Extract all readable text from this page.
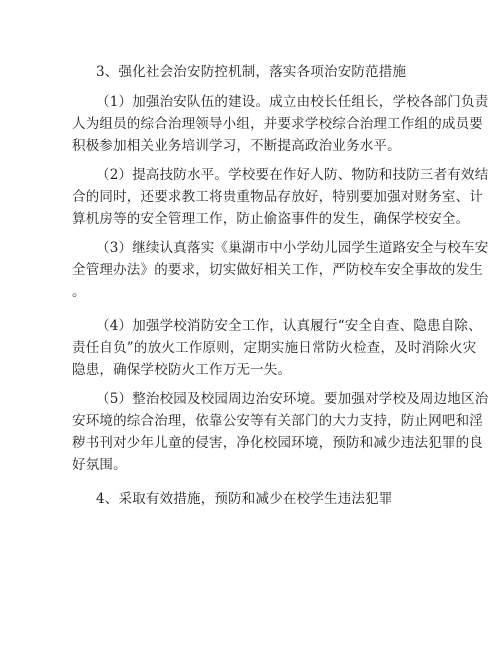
3、强化社会治安防控机制，落实各项治安防范措施
（1）加强治安队伍的建设。成立由校长任组长，学校各部门负责
人为组员的综合治理领导小组，并要求学校综合治理工作组的成员要
积极参加相关业务培训学习，不断提高政治业务水平。
（2）提高技防水平。学校要在作好人防、物防和技防三者有效结
合的同时，还要求教工将贵重物品存放好，特别要加强对财务室、计
算机房等的安全管理工作，防止偷盗事件的发生，确保学校安全。
（3）继续认真落实《巢湖市中小学幼儿园学生道路安全与校车安
全管理办法》的要求，切实做好相关工作，严防校车安全事故的发生
。
（4）加强学校消防安全工作，认真履行“安全自查、隐患自除、
责任自负”的放火工作原则，定期实施日常防火检查，及时消除火灾
隐患，确保学校防火工作万无一失。
（5）整治校园及校园周边治安环境。要加强对学校及周边地区治
安环境的综合治理，依靠公安等有关部门的大力支持，防止网吧和淫
秽书刊对少年儿童的侵害，净化校园环境，预防和减少违法犯罪的良
好氛围。
4、采取有效措施，预防和减少在校学生违法犯罪
